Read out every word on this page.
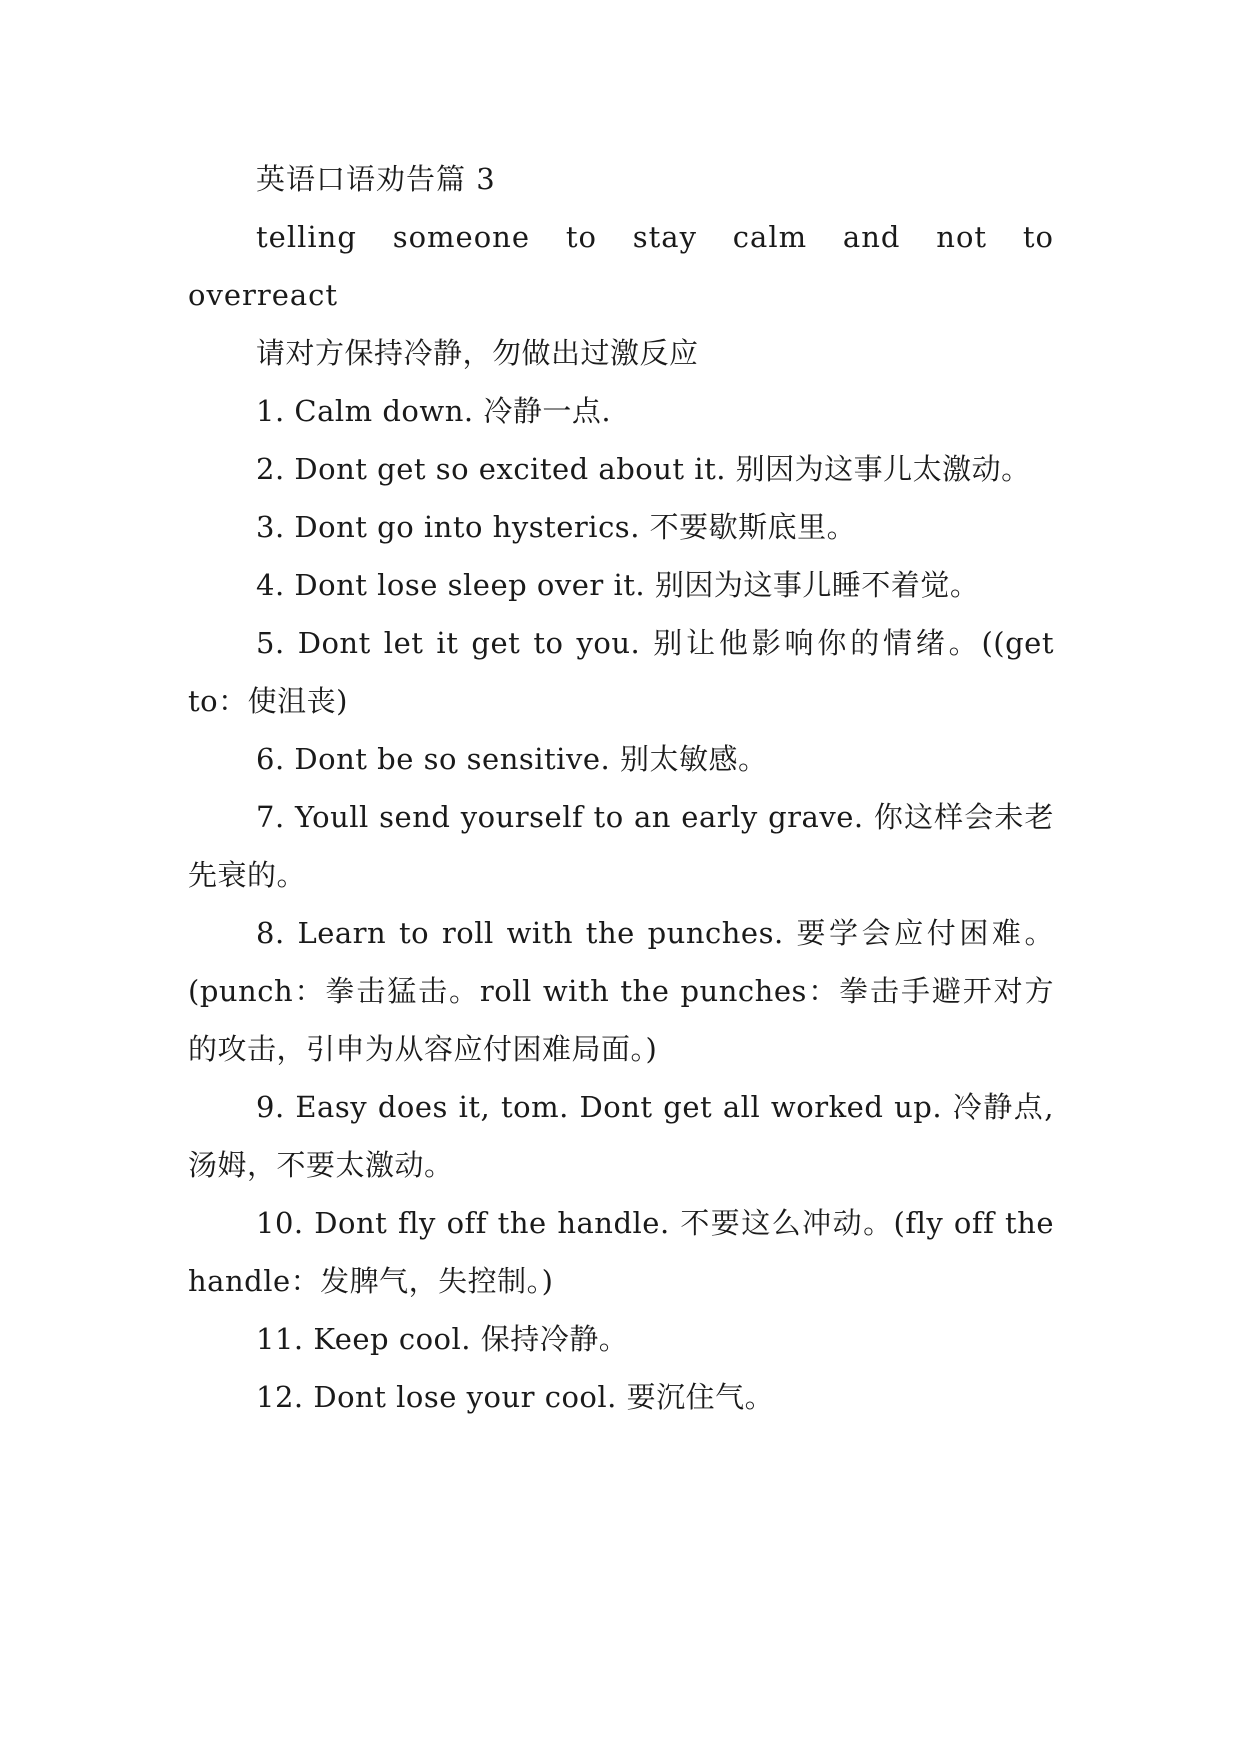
英语口语劝告篇 3

telling someone to stay calm and not to overreact

请对方保持冷静，勿做出过激反应

1. Calm down. 冷静一点.

2. Dont get so excited about it. 别因为这事儿太激动。

3. Dont go into hysterics. 不要歇斯底里。

4. Dont lose sleep over it. 别因为这事儿睡不着觉。

5. Dont let it get to you. 别让他影响你的情绪。((get to：使沮丧)

6. Dont be so sensitive. 别太敏感。

7. Youll send yourself to an early grave. 你这样会未老先衰的。

8. Learn to roll with the punches. 要学会应付困难。(punch：拳击猛击。roll with the punches：拳击手避开对方的攻击，引申为从容应付困难局面。)

9. Easy does it, tom. Dont get all worked up. 冷静点,汤姆，不要太激动。

10. Dont fly off the handle. 不要这么冲动。(fly off the handle：发脾气，失控制。)

11. Keep cool. 保持冷静。

12. Dont lose your cool. 要沉住气。
